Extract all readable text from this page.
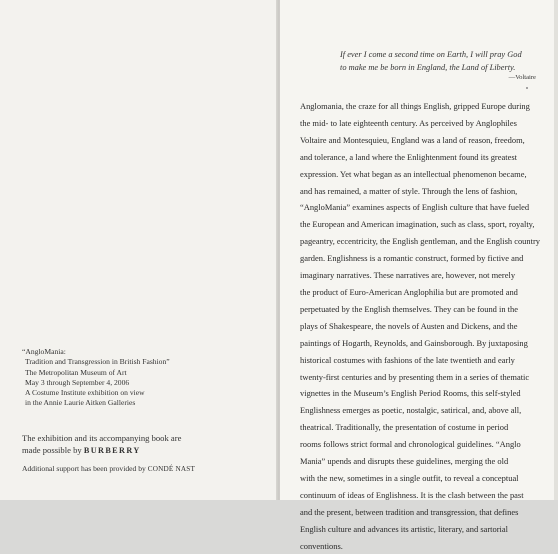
“AngloMania:
Tradition and Transgression in British Fashion”
The Metropolitan Museum of Art
May 3 through September 4, 2006
A Costume Institute exhibition on view
in the Annie Laurie Aitken Galleries
The exhibition and its accompanying book are
made possible by BURBERRY
Additional support has been provided by CONDÉ NAST
If ever I come a second time on Earth, I will pray God
to make me be born in England, the Land of Liberty.
—Voltaire
Anglomania, the craze for all things English, gripped Europe during
the mid- to late eighteenth century. As perceived by Anglophiles
Voltaire and Montesquieu, England was a land of reason, freedom,
and tolerance, a land where the Enlightenment found its greatest
expression. Yet what began as an intellectual phenomenon became,
and has remained, a matter of style. Through the lens of fashion,
“AngloMania” examines aspects of English culture that have fueled
the European and American imagination, such as class, sport, royalty,
pageantry, eccentricity, the English gentleman, and the English country
garden. Englishness is a romantic construct, formed by fictive and
imaginary narratives. These narratives are, however, not merely
the product of Euro-American Anglophilia but are promoted and
perpetuated by the English themselves. They can be found in the
plays of Shakespeare, the novels of Austen and Dickens, and the
paintings of Hogarth, Reynolds, and Gainsborough. By juxtaposing
historical costumes with fashions of the late twentieth and early
twenty-first centuries and by presenting them in a series of thematic
vignettes in the Museum’s English Period Rooms, this self-styled
Englishness emerges as poetic, nostalgic, satirical, and, above all,
theatrical. Traditionally, the presentation of costume in period
rooms follows strict formal and chronological guidelines. “Anglo
Mania” upends and disrupts these guidelines, merging the old
with the new, sometimes in a single outfit, to reveal a conceptual
continuum of ideas of Englishness. It is the clash between the past
and the present, between tradition and transgression, that defines
English culture and advances its artistic, literary, and sartorial
conventions.
